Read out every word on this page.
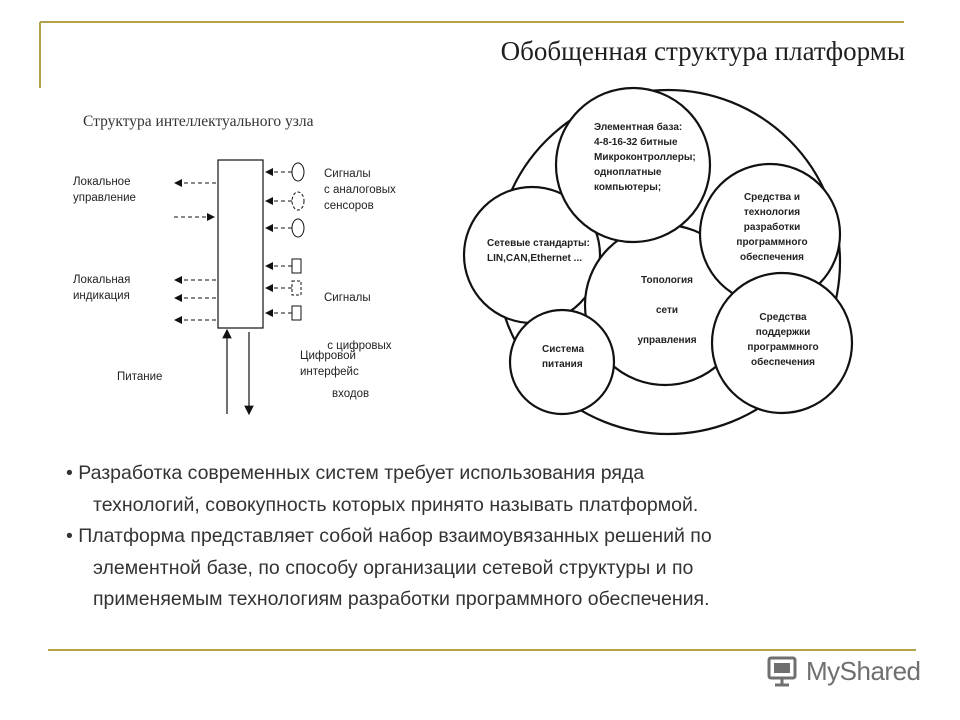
Обобщенная структура платформы
Структура интеллектуального узла
Локальное
управление
Локальная
индикация
Сигналы
с аналоговых
сенсоров

Сигналы

с цифровых

входов

Питание
Цифровой
интерфейс
Элементная база:
4-8-16-32 битные
Микроконтроллеры;
одноплатные
компьютеры;
Сетевые стандарты:
LIN,CAN,Ethernet ...
Средства и
технология
разработки
программного
обеспечения
Топология
сети
управления
Система
питания
Средства
поддержки
программного
обеспечения
• Разработка современных систем требует использования ряда
технологий, совокупность которых принято называть платформой.
• Платформа представляет собой набор взаимоувязанных решений по
элементной базе, по способу организации сетевой структуры и по
применяемым технологиям разработки программного обеспечения.
MyShared
